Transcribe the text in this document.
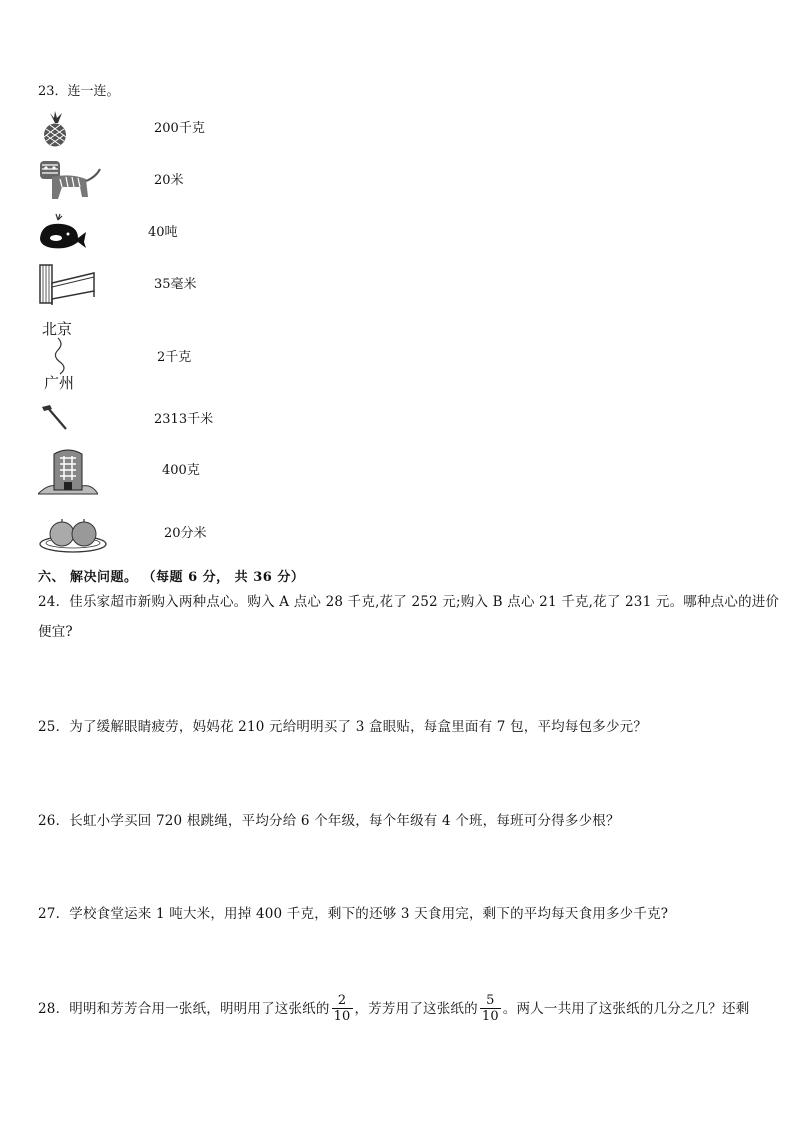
23．连一连。
200千克
20米
40吨
35毫米
北京
广州
2千克
2313千米
400克
20分米
六、 解决问题。 （每题 6 分， 共 36 分）
24．佳乐家超市新购入两种点心。购入 A 点心 28 千克,花了 252 元;购入 B 点心 21 千克,花了 231 元。哪种点心的进价
便宜?
25．为了缓解眼睛疲劳，妈妈花 210 元给明明买了 3 盒眼贴，每盒里面有 7 包，平均每包多少元？
26．长虹小学买回 720 根跳绳，平均分给 6 个年级，每个年级有 4 个班，每班可分得多少根？
27．学校食堂运来 1 吨大米，用掉 400 千克，剩下的还够 3 天食用完，剩下的平均每天食用多少千克?
28．明明和芳芳合用一张纸，明明用了这张纸的 $\frac{2}{10}$ ，芳芳用了这张纸的 $\frac{5}{10}$ 。两人一共用了这张纸的几分之几？还剩
